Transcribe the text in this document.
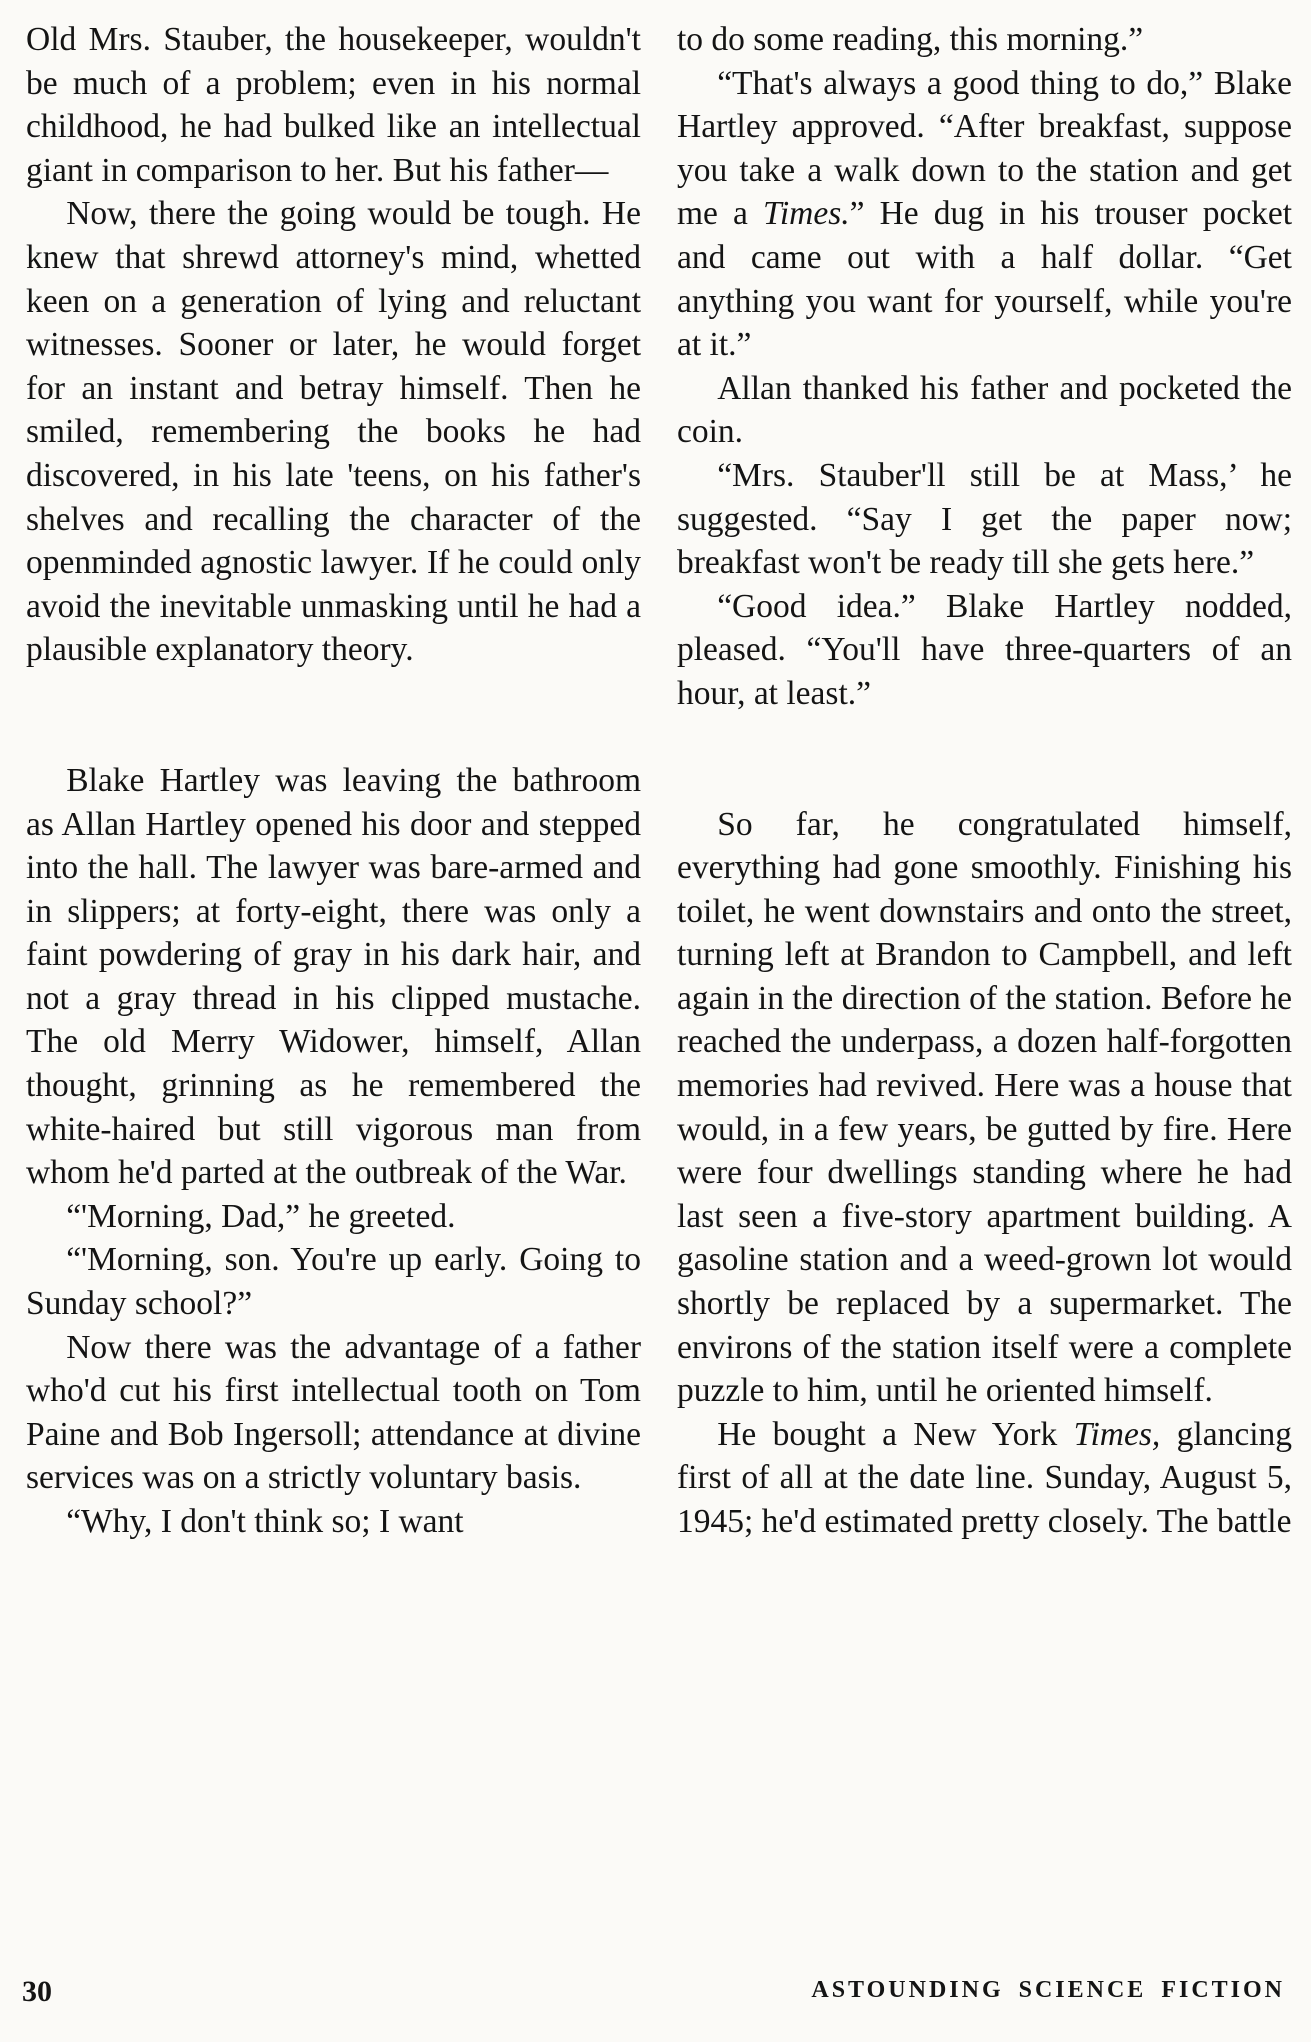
Old Mrs. Stauber, the housekeeper, wouldn't be much of a problem; even in his normal childhood, he had bulked like an intellectual giant in comparison to her. But his father—

Now, there the going would be tough. He knew that shrewd attorney's mind, whetted keen on a generation of lying and reluctant witnesses. Sooner or later, he would forget for an instant and betray himself. Then he smiled, remembering the books he had discovered, in his late 'teens, on his father's shelves and recalling the character of the openminded agnostic lawyer. If he could only avoid the inevitable unmasking until he had a plausible explanatory theory.

Blake Hartley was leaving the bathroom as Allan Hartley opened his door and stepped into the hall. The lawyer was bare-armed and in slippers; at forty-eight, there was only a faint powdering of gray in his dark hair, and not a gray thread in his clipped mustache. The old Merry Widower, himself, Allan thought, grinning as he remembered the white-haired but still vigorous man from whom he'd parted at the outbreak of the War.

“'Morning, Dad,” he greeted.

“'Morning, son. You're up early. Going to Sunday school?”

Now there was the advantage of a father who'd cut his first intellectual tooth on Tom Paine and Bob Ingersoll; attendance at divine services was on a strictly voluntary basis.

“Why, I don't think so; I want

to do some reading, this morning.”

“That's always a good thing to do,” Blake Hartley approved. “After breakfast, suppose you take a walk down to the station and get me a Times.” He dug in his trouser pocket and came out with a half dollar. “Get anything you want for yourself, while you're at it.”

Allan thanked his father and pocketed the coin.

“Mrs. Stauber'll still be at Mass,’ he suggested. “Say I get the paper now; breakfast won't be ready till she gets here.”

“Good idea.” Blake Hartley nodded, pleased. “You'll have three-quarters of an hour, at least.”

So far, he congratulated himself, everything had gone smoothly. Finishing his toilet, he went downstairs and onto the street, turning left at Brandon to Campbell, and left again in the direction of the station. Before he reached the underpass, a dozen half-forgotten memories had revived. Here was a house that would, in a few years, be gutted by fire. Here were four dwellings standing where he had last seen a five-story apartment building. A gasoline station and a weed-grown lot would shortly be replaced by a supermarket. The environs of the station itself were a complete puzzle to him, until he oriented himself.

He bought a New York Times, glancing first of all at the date line. Sunday, August 5, 1945; he'd estimated pretty closely. The battle

30	ASTOUNDING SCIENCE FICTION
